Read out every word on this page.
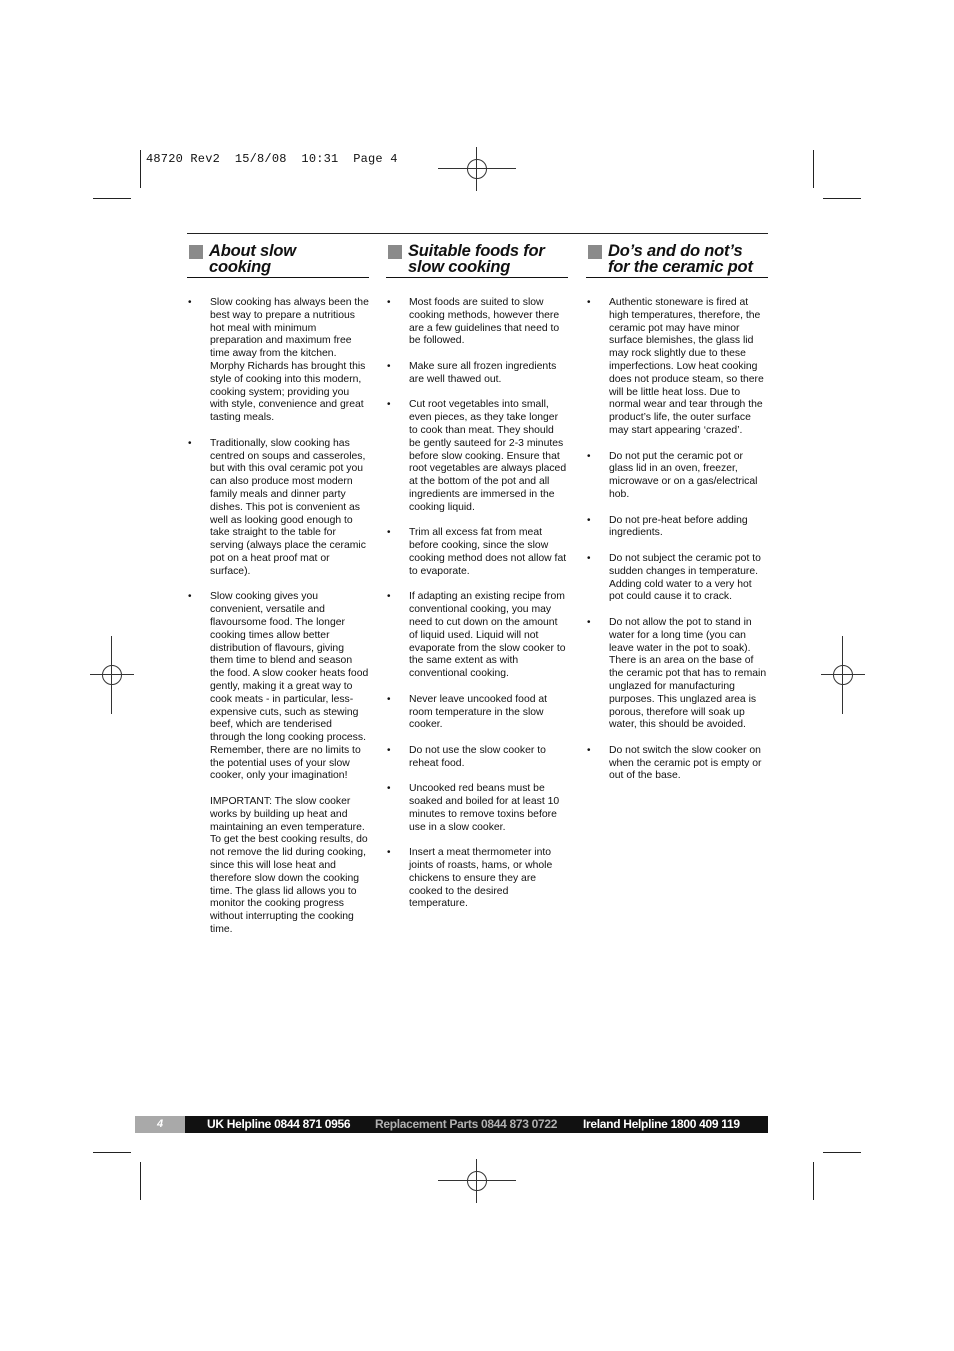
48720 Rev2  15/8/08  10:31  Page 4
About slow
cooking
• Slow cooking has always been the best way to prepare a nutritious hot meal with minimum preparation and maximum free time away from the kitchen. Morphy Richards has brought this style of cooking into this modern, cooking system; providing you with style, convenience and great tasting meals.
• Traditionally, slow cooking has centred on soups and casseroles, but with this oval ceramic pot you can also produce most modern family meals and dinner party dishes. This pot is convenient as well as looking good enough to take straight to the table for serving (always place the ceramic pot on a heat proof mat or surface).
• Slow cooking gives you convenient, versatile and flavoursome food. The longer cooking times allow better distribution of flavours, giving them time to blend and season the food. A slow cooker heats food gently, making it a great way to cook meats - in particular, less-expensive cuts, such as stewing beef, which are tenderised through the long cooking process. Remember, there are no limits to the potential uses of your slow cooker, only your imagination!
IMPORTANT: The slow cooker works by building up heat and maintaining an even temperature. To get the best cooking results, do not remove the lid during cooking, since this will lose heat and therefore slow down the cooking time. The glass lid allows you to monitor the cooking progress without interrupting the cooking time.
Suitable foods for
slow cooking
• Most foods are suited to slow cooking methods, however there are a few guidelines that need to be followed.
• Make sure all frozen ingredients are well thawed out.
• Cut root vegetables into small, even pieces, as they take longer to cook than meat. They should be gently sauteed for 2-3 minutes before slow cooking. Ensure that root vegetables are always placed at the bottom of the pot and all ingredients are immersed in the cooking liquid.
• Trim all excess fat from meat before cooking, since the slow cooking method does not allow fat to evaporate.
• If adapting an existing recipe from conventional cooking, you may need to cut down on the amount of liquid used. Liquid will not evaporate from the slow cooker to the same extent as with conventional cooking.
• Never leave uncooked food at room temperature in the slow cooker.
• Do not use the slow cooker to reheat food.
• Uncooked red beans must be soaked and boiled for at least 10 minutes to remove toxins before use in a slow cooker.
• Insert a meat thermometer into joints of roasts, hams, or whole chickens to ensure they are cooked to the desired temperature.
Do’s and do not’s
for the ceramic pot
• Authentic stoneware is fired at high temperatures, therefore, the ceramic pot may have minor surface blemishes, the glass lid may rock slightly due to these imperfections. Low heat cooking does not produce steam, so there will be little heat loss. Due to normal wear and tear through the product’s life, the outer surface may start appearing ‘crazed’.
• Do not put the ceramic pot or glass lid in an oven, freezer, microwave or on a gas/electrical hob.
• Do not pre-heat before adding ingredients.
• Do not subject the ceramic pot to sudden changes in temperature. Adding cold water to a very hot pot could cause it to crack.
• Do not allow the pot to stand in water for a long time (you can leave water in the pot to soak). There is an area on the base of the ceramic pot that has to remain unglazed for manufacturing purposes. This unglazed area is porous, therefore will soak up water, this should be avoided.
• Do not switch the slow cooker on when the ceramic pot is empty or out of the base.
4	UK Helpline 0844 871 0956 Replacement Parts 0844 873 0722 Ireland Helpline 1800 409 119
